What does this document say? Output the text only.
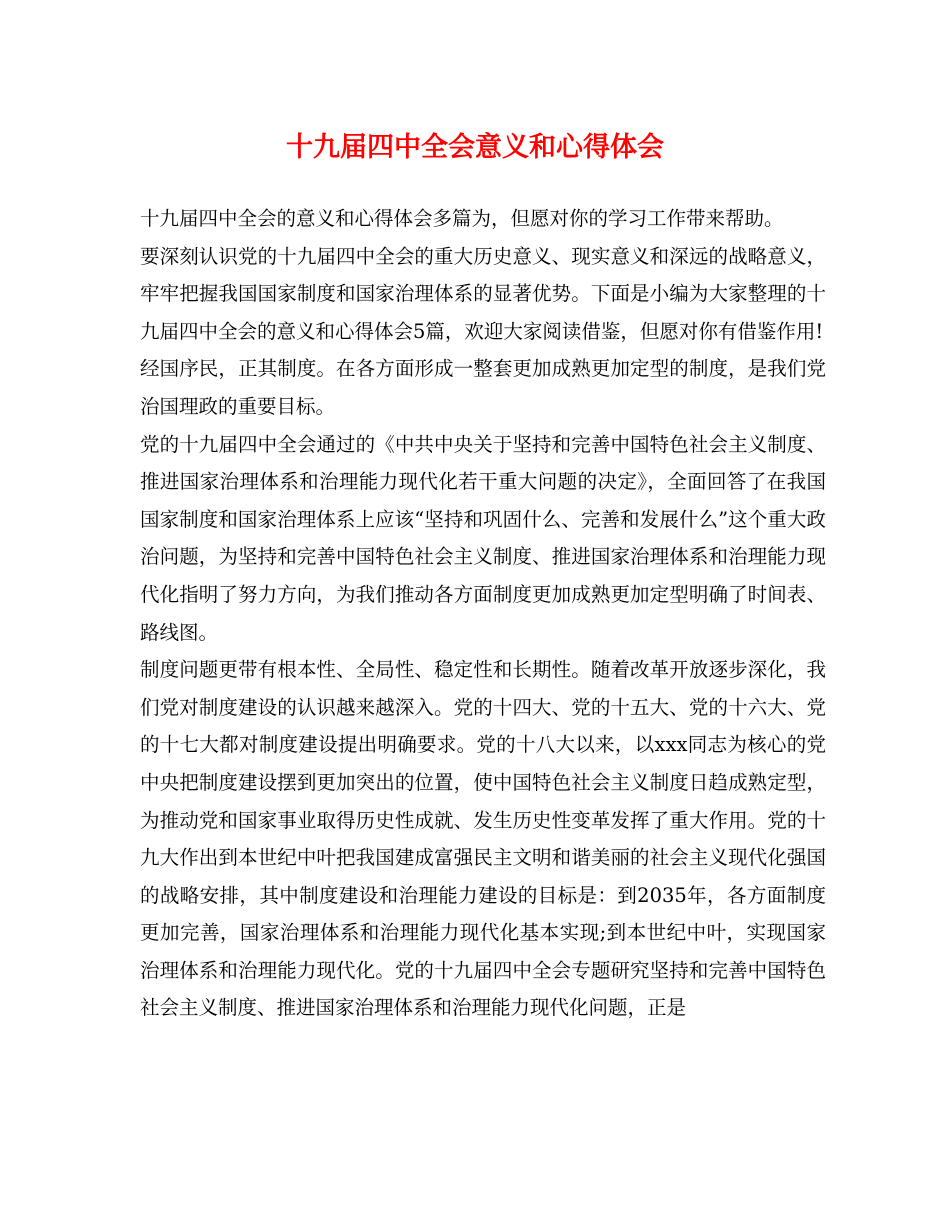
十九届四中全会意义和心得体会

十九届四中全会的意义和心得体会多篇为，但愿对你的学习工作带来帮助。

要深刻认识党的十九届四中全会的重大历史意义、现实意义和深远的战略意义，牢牢把握我国国家制度和国家治理体系的显著优势。下面是小编为大家整理的十九届四中全会的意义和心得体会5篇，欢迎大家阅读借鉴，但愿对你有借鉴作用!

经国序民，正其制度。在各方面形成一整套更加成熟更加定型的制度，是我们党治国理政的重要目标。

党的十九届四中全会通过的《中共中央关于坚持和完善中国特色社会主义制度、推进国家治理体系和治理能力现代化若干重大问题的决定》，全面回答了在我国国家制度和国家治理体系上应该“坚持和巩固什么、完善和发展什么”这个重大政治问题，为坚持和完善中国特色社会主义制度、推进国家治理体系和治理能力现代化指明了努力方向，为我们推动各方面制度更加成熟更加定型明确了时间表、路线图。

制度问题更带有根本性、全局性、稳定性和长期性。随着改革开放逐步深化，我们党对制度建设的认识越来越深入。党的十四大、党的十五大、党的十六大、党的十七大都对制度建设提出明确要求。党的十八大以来，以xxx同志为核心的党中央把制度建设摆到更加突出的位置，使中国特色社会主义制度日趋成熟定型，为推动党和国家事业取得历史性成就、发生历史性变革发挥了重大作用。党的十九大作出到本世纪中叶把我国建成富强民主文明和谐美丽的社会主义现代化强国的战略安排，其中制度建设和治理能力建设的目标是：到2035年，各方面制度更加完善，国家治理体系和治理能力现代化基本实现;到本世纪中叶，实现国家治理体系和治理能力现代化。党的十九届四中全会专题研究坚持和完善中国特色社会主义制度、推进国家治理体系和治理能力现代化问题，正是
